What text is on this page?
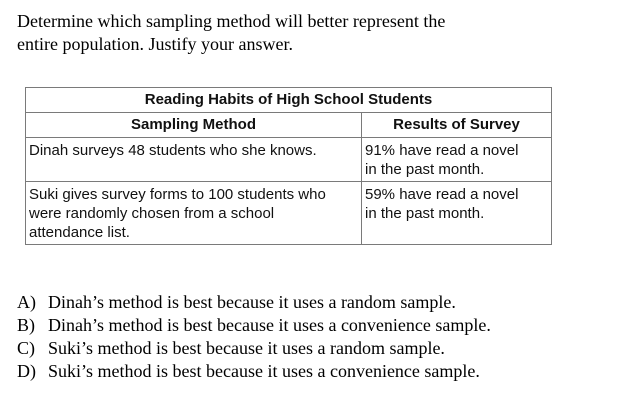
Determine which sampling method will better represent the
entire population. Justify your answer.

Reading Habits of High School Students	
Sampling Method	Results of Survey

Dinah surveys 48 students who she knows.	91% have read a novel
in the past month.

Suki gives survey forms to 100 students who
were randomly chosen from a school
attendance list.	59% have read a novel
in the past month.
A) Dinah’s method is best because it uses a random sample.
B) Dinah’s method is best because it uses a convenience sample.
C) Suki’s method is best because it uses a random sample.
D) Suki’s method is best because it uses a convenience sample.
